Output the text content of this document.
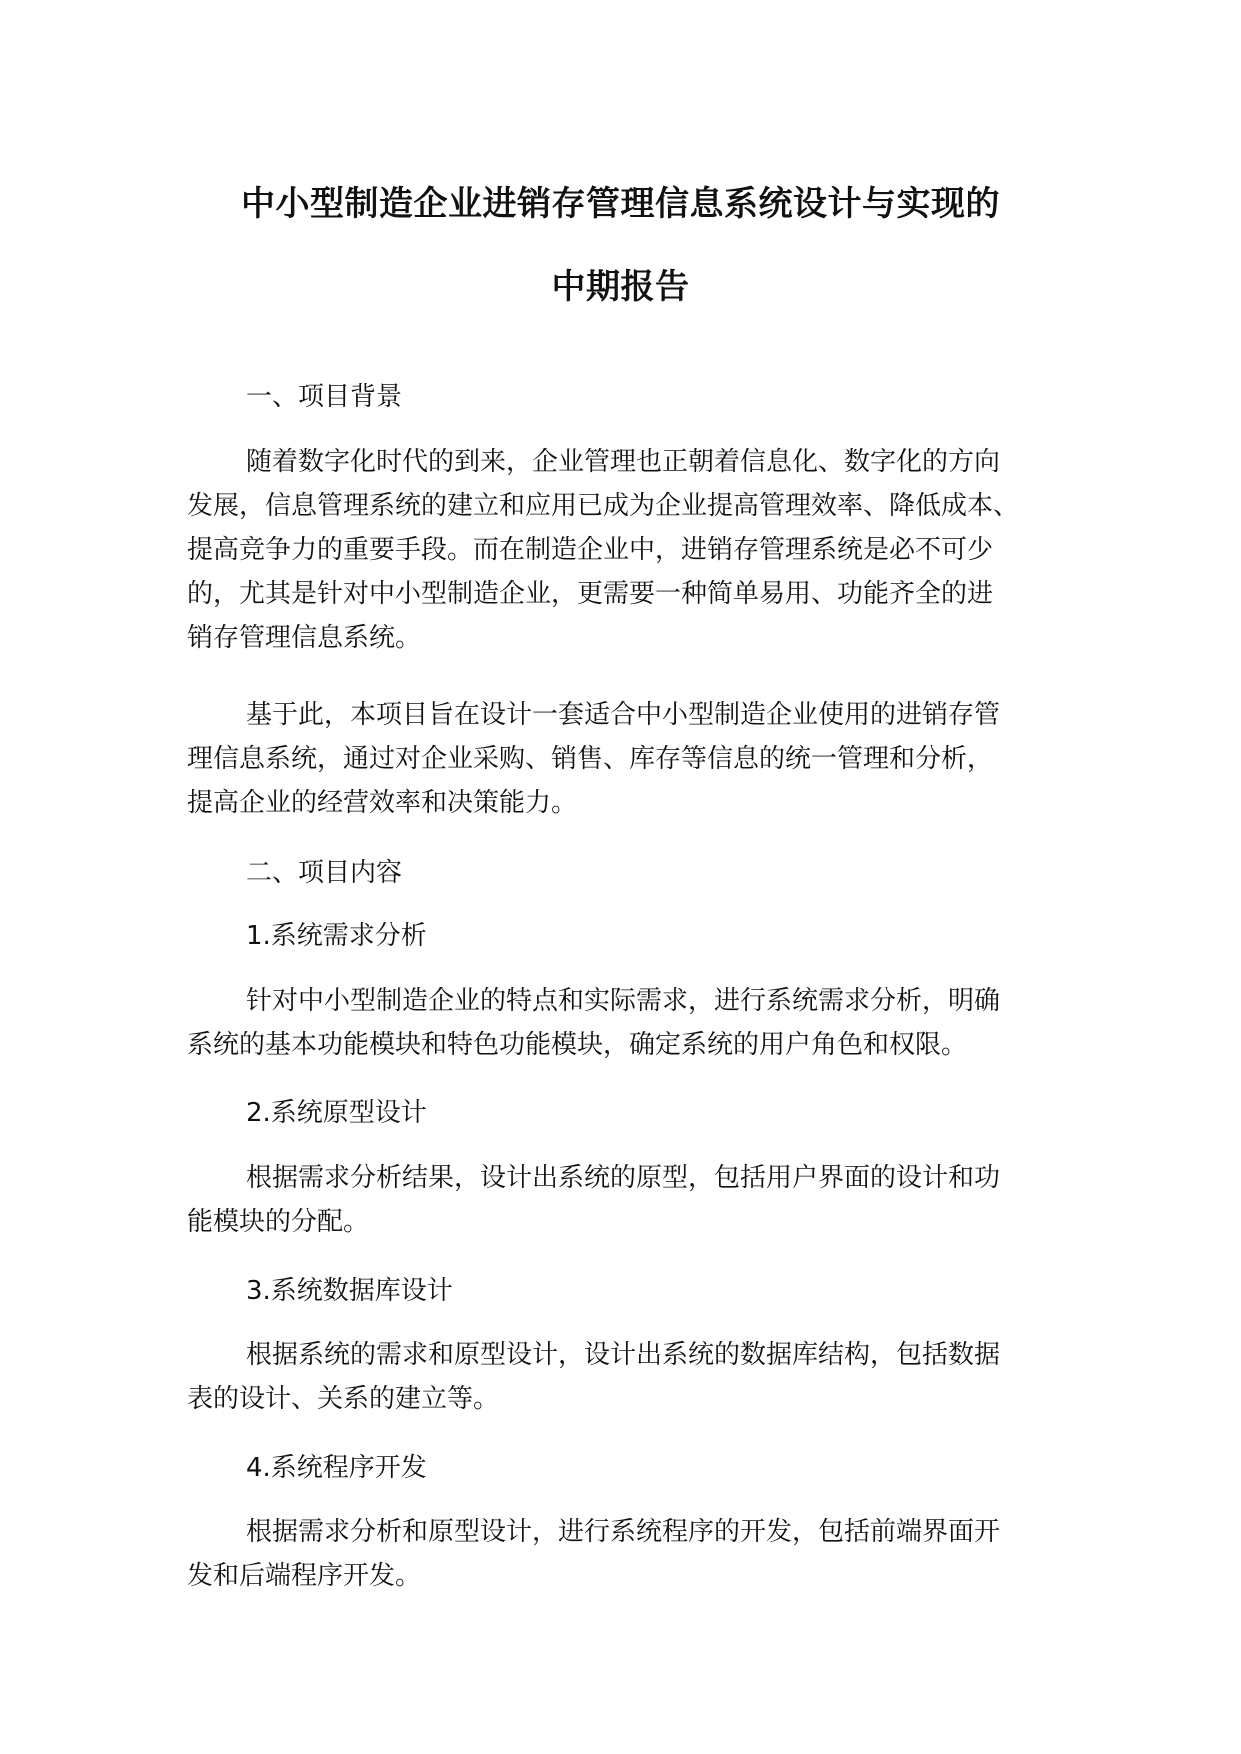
中小型制造企业进销存管理信息系统设计与实现的
中期报告
一、项目背景
随着数字化时代的到来，企业管理也正朝着信息化、数字化的方向
发展，信息管理系统的建立和应用已成为企业提高管理效率、降低成本、
提高竞争力的重要手段。而在制造企业中，进销存管理系统是必不可少
的，尤其是针对中小型制造企业，更需要一种简单易用、功能齐全的进
销存管理信息系统。
基于此，本项目旨在设计一套适合中小型制造企业使用的进销存管
理信息系统，通过对企业采购、销售、库存等信息的统一管理和分析，
提高企业的经营效率和决策能力。
二、项目内容
1.系统需求分析
针对中小型制造企业的特点和实际需求，进行系统需求分析，明确
系统的基本功能模块和特色功能模块，确定系统的用户角色和权限。
2.系统原型设计
根据需求分析结果，设计出系统的原型，包括用户界面的设计和功
能模块的分配。
3.系统数据库设计
根据系统的需求和原型设计，设计出系统的数据库结构，包括数据
表的设计、关系的建立等。
4.系统程序开发
根据需求分析和原型设计，进行系统程序的开发，包括前端界面开
发和后端程序开发。
